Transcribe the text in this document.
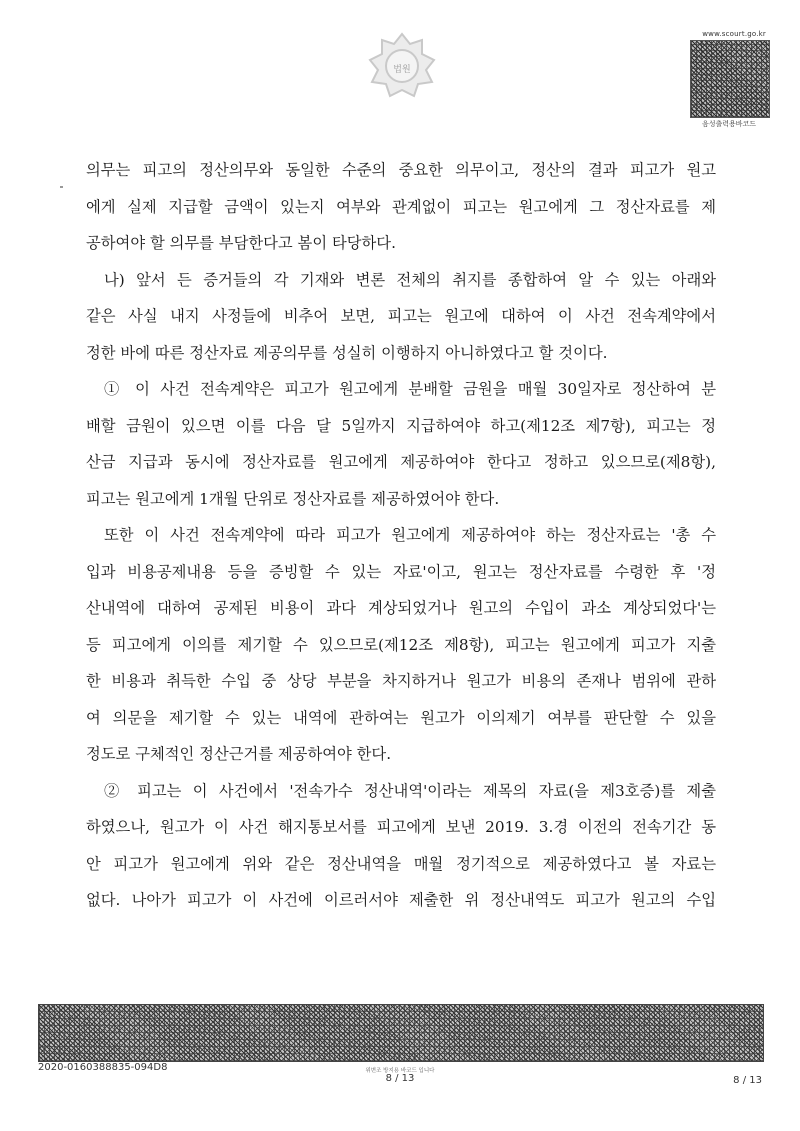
법원
www.scourt.go.kr
음성출력용바코드
의무는 피고의 정산의무와 동일한 수준의 중요한 의무이고, 정산의 결과 피고가 원고
에게 실제 지급할 금액이 있는지 여부와 관계없이 피고는 원고에게 그 정산자료를 제
공하여야 할 의무를 부담한다고 봄이 타당하다.
나) 앞서 든 증거들의 각 기재와 변론 전체의 취지를 종합하여 알 수 있는 아래와
같은 사실 내지 사정들에 비추어 보면, 피고는 원고에 대하여 이 사건 전속계약에서
정한 바에 따른 정산자료 제공의무를 성실히 이행하지 아니하였다고 할 것이다.
① 이 사건 전속계약은 피고가 원고에게 분배할 금원을 매월 30일자로 정산하여 분
배할 금원이 있으면 이를 다음 달 5일까지 지급하여야 하고(제12조 제7항), 피고는 정
산금 지급과 동시에 정산자료를 원고에게 제공하여야 한다고 정하고 있으므로(제8항),
피고는 원고에게 1개월 단위로 정산자료를 제공하였어야 한다.
또한 이 사건 전속계약에 따라 피고가 원고에게 제공하여야 하는 정산자료는 '총 수
입과 비용공제내용 등을 증빙할 수 있는 자료'이고, 원고는 정산자료를 수령한 후 '정
산내역에 대하여 공제된 비용이 과다 계상되었거나 원고의 수입이 과소 계상되었다'는
등 피고에게 이의를 제기할 수 있으므로(제12조 제8항), 피고는 원고에게 피고가 지출
한 비용과 취득한 수입 중 상당 부분을 차지하거나 원고가 비용의 존재나 범위에 관하
여 의문을 제기할 수 있는 내역에 관하여는 원고가 이의제기 여부를 판단할 수 있을
정도로 구체적인 정산근거를 제공하여야 한다.
② 피고는 이 사건에서 '전속가수 정산내역'이라는 제목의 자료(을 제3호증)를 제출
하였으나, 원고가 이 사건 해지통보서를 피고에게 보낸 2019. 3.경 이전의 전속기간 동
안 피고가 원고에게 위와 같은 정산내역을 매월 정기적으로 제공하였다고 볼 자료는
없다. 나아가 피고가 이 사건에 이르러서야 제출한 위 정산내역도 피고가 원고의 수입
2020-0160388835-094D8	위변조 방지용 바코드 입니다
8 / 13	8 / 13
